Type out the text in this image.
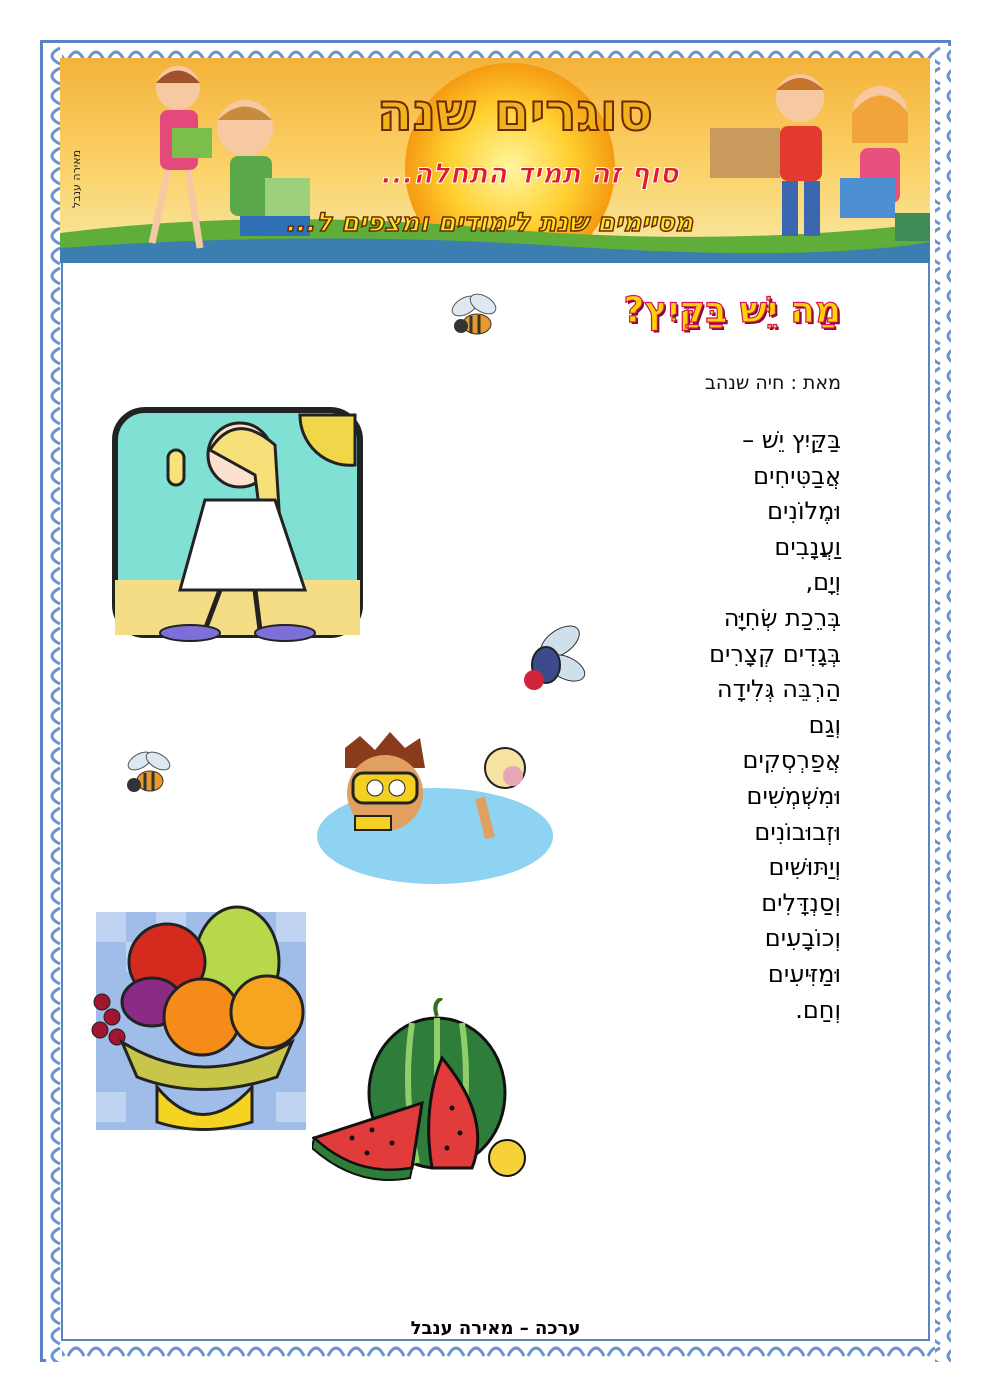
מאירה ענבל
סוגרים שנה
סוף זה תמיד התחלה...
מסיימים שנת לימודים ומצפים ל...
מַה יֵּשׁ בַּקַּיִץ?
מאת : חיה שנהב
בַּקַּיִץ יֵשׁ –
אֲבַטִּיחִים
וּמֶלוֹנִים
וַעֲנָבִים
וְיָם,
בְּרֵכַת שְׂחִיָּה
בְּגָדִים קְצָרִים
הַרְבֵּה גְּלִידָה
וְגַם
אֲפַרְסְקִים
וּמִשְׁמְשִׁים
וּזְבוּבוֹנִים
וְיַתּוּשִׁים
וְסַנְדָּלִים
וְכוֹבָעִים
וּמַזִּיעִים
וְחַם.
ערכה – מאירה ענבל
